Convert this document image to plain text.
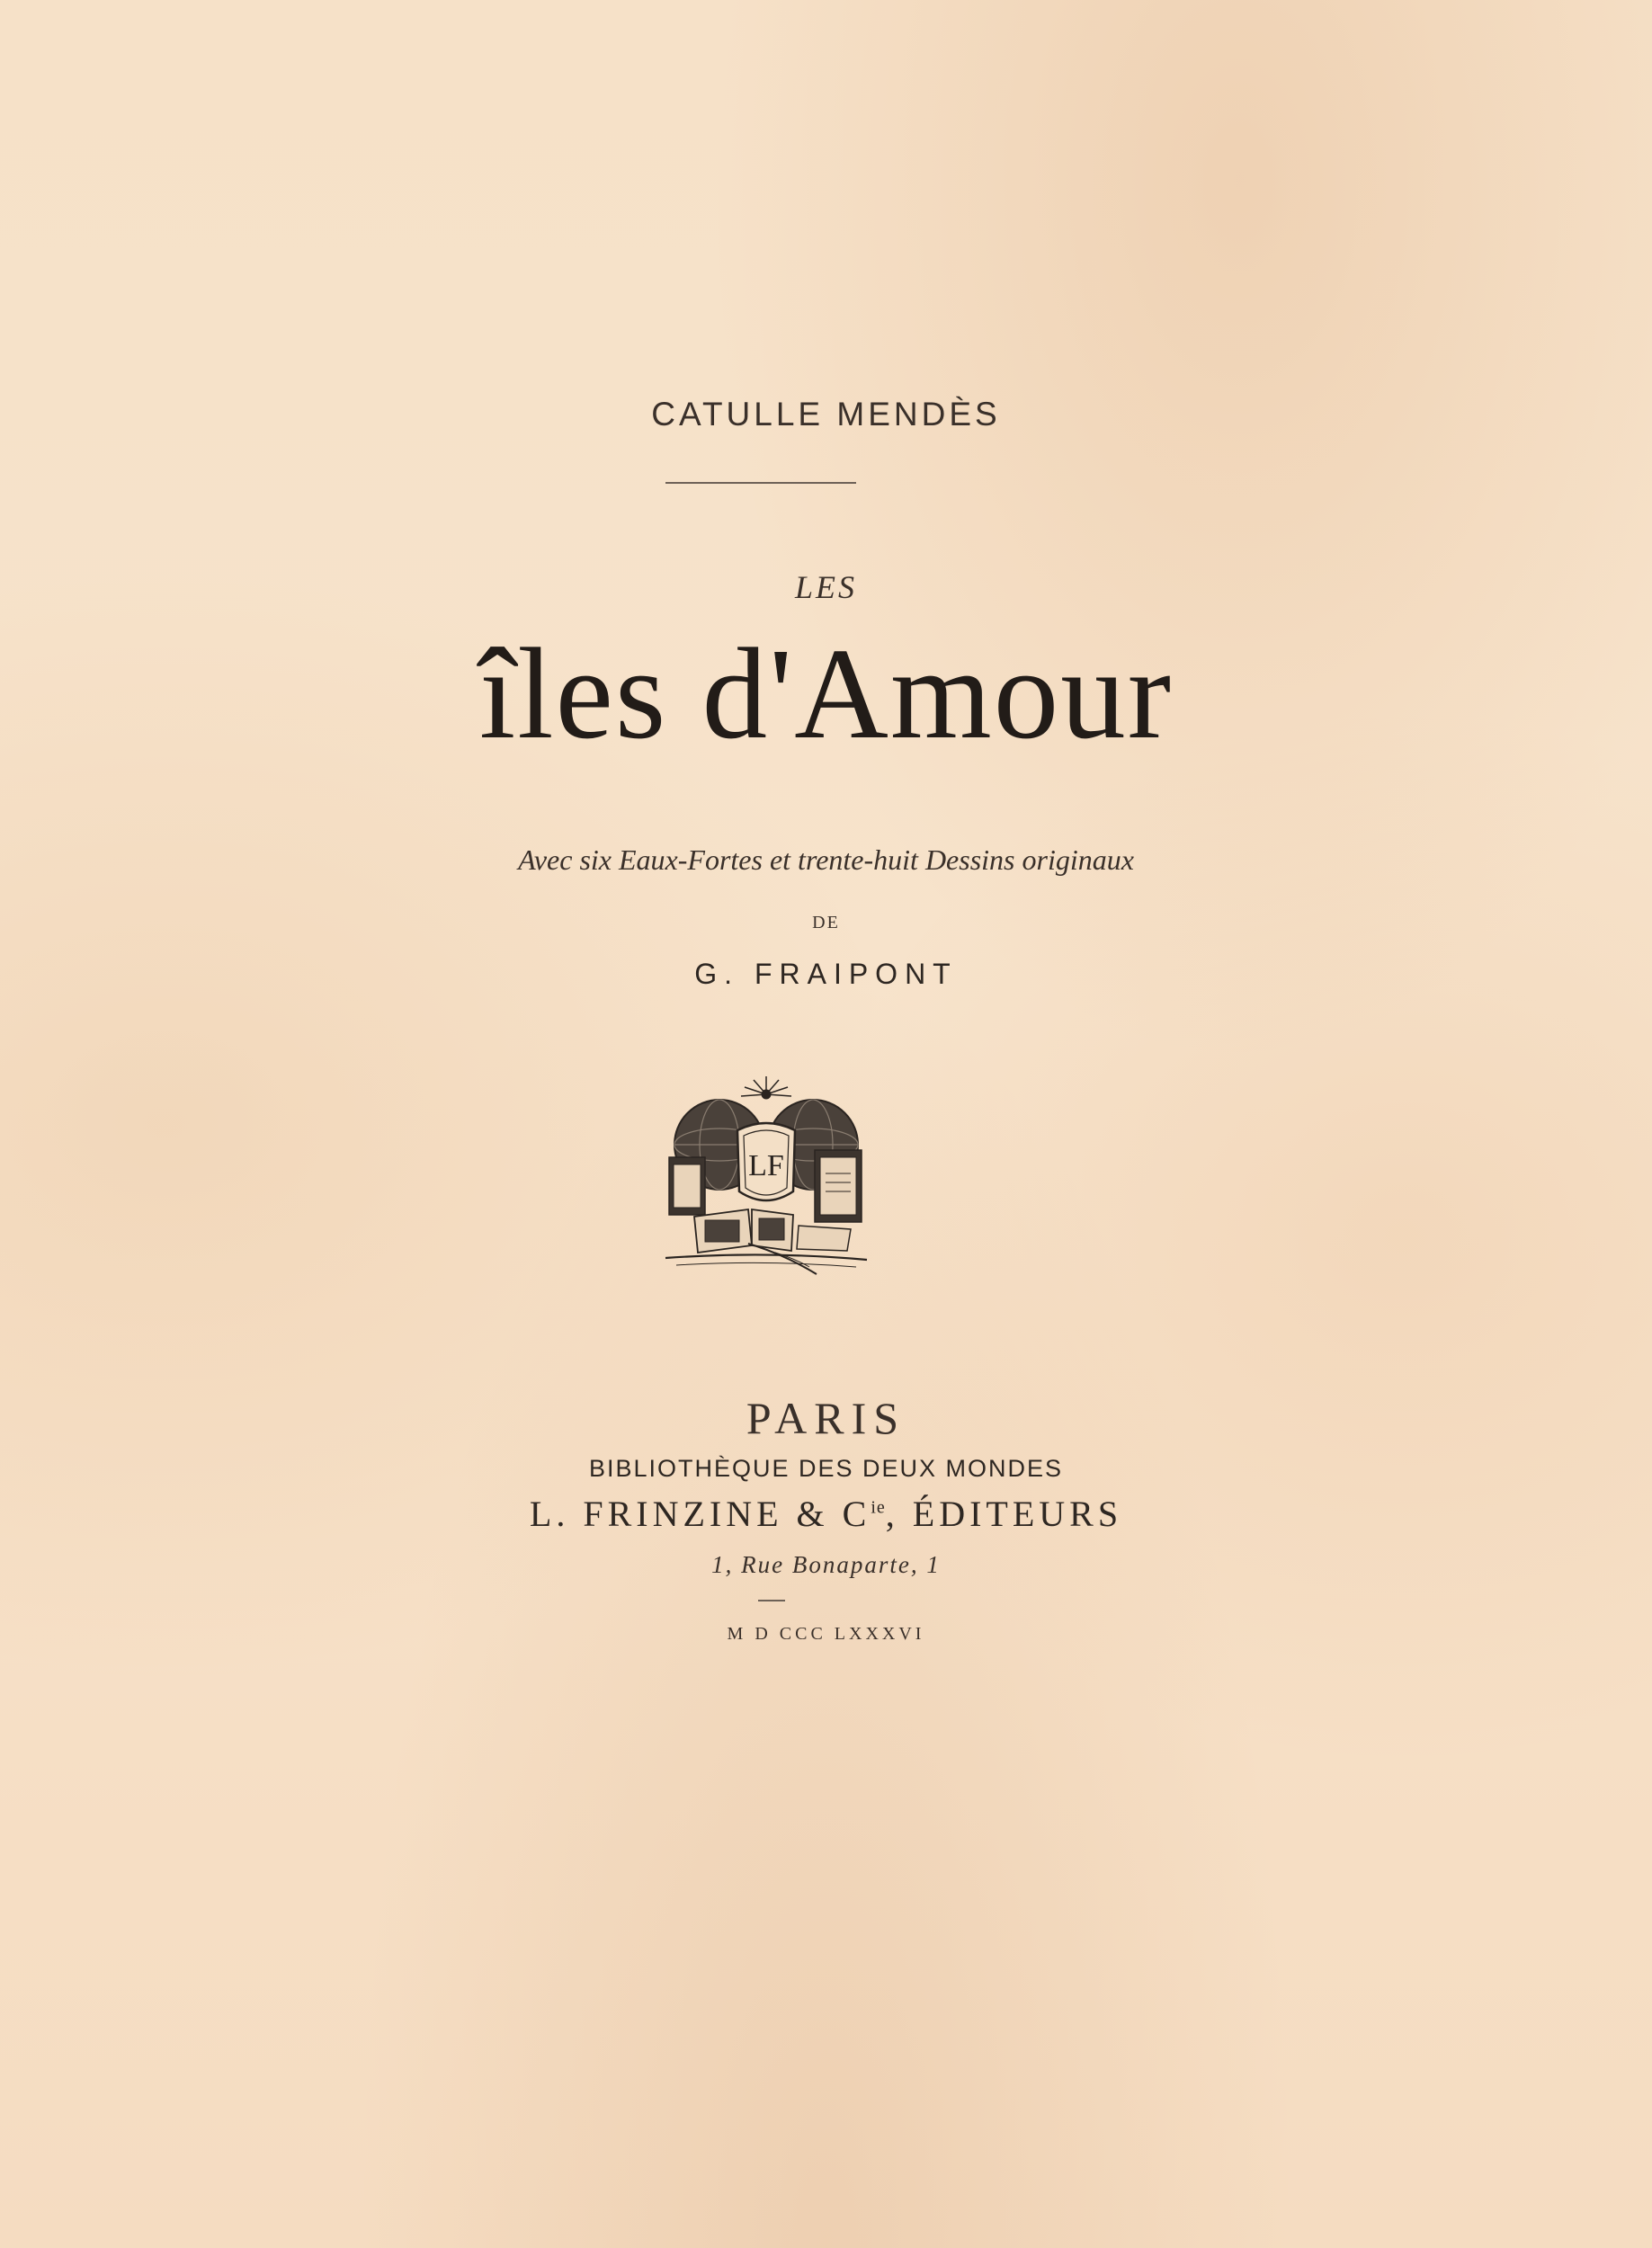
CATULLE MENDÈS
LES
îles d'Amour
Avec six Eaux-Fortes et trente-huit Dessins originaux
DE
G. FRAIPONT
LF
PARIS
BIBLIOTHÈQUE DES DEUX MONDES
L. FRINZINE & $C^{ie}$, ÉDITEURS
1, Rue Bonaparte, 1
M D CCC LXXXVI
